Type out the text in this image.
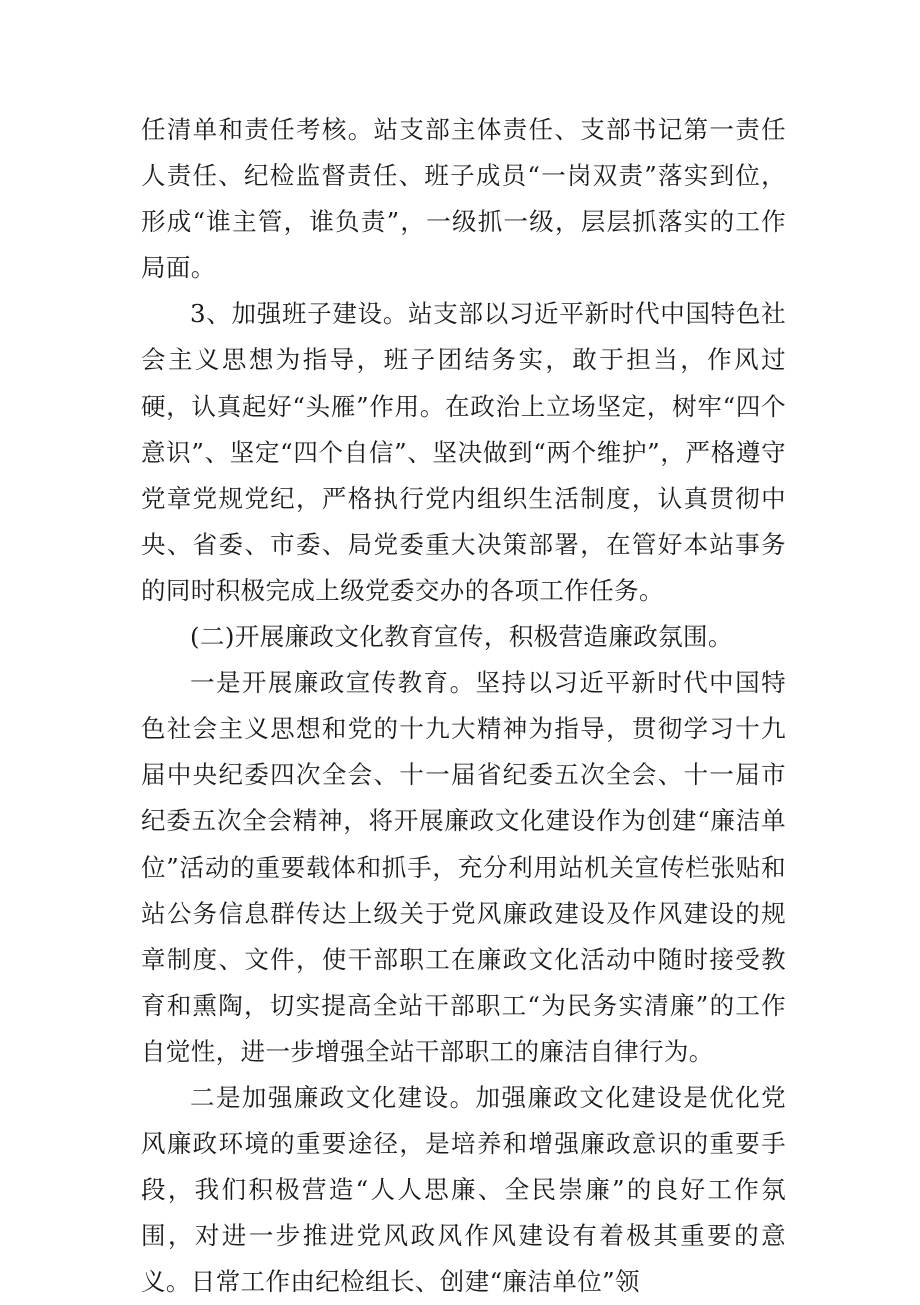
任清单和责任考核。站支部主体责任、支部书记第一责任人责任、纪检监督责任、班子成员“一岗双责”落实到位，形成“谁主管，谁负责”，一级抓一级，层层抓落实的工作局面。

3、加强班子建设。站支部以习近平新时代中国特色社会主义思想为指导，班子团结务实，敢于担当，作风过硬，认真起好“头雁”作用。在政治上立场坚定，树牢“四个意识”、坚定“四个自信”、坚决做到“两个维护”，严格遵守党章党规党纪，严格执行党内组织生活制度，认真贯彻中央、省委、市委、局党委重大决策部署，在管好本站事务的同时积极完成上级党委交办的各项工作任务。

(二)开展廉政文化教育宣传，积极营造廉政氛围。

一是开展廉政宣传教育。坚持以习近平新时代中国特色社会主义思想和党的十九大精神为指导，贯彻学习十九届中央纪委四次全会、十一届省纪委五次全会、十一届市纪委五次全会精神，将开展廉政文化建设作为创建“廉洁单位”活动的重要载体和抓手，充分利用站机关宣传栏张贴和站公务信息群传达上级关于党风廉政建设及作风建设的规章制度、文件，使干部职工在廉政文化活动中随时接受教育和熏陶，切实提高全站干部职工“为民务实清廉”的工作自觉性，进一步增强全站干部职工的廉洁自律行为。

二是加强廉政文化建设。加强廉政文化建设是优化党风廉政环境的重要途径，是培养和增强廉政意识的重要手段，我们积极营造“人人思廉、全民崇廉”的良好工作氛围，对进一步推进党风政风作风建设有着极其重要的意义。日常工作由纪检组长、创建“廉洁单位”领
